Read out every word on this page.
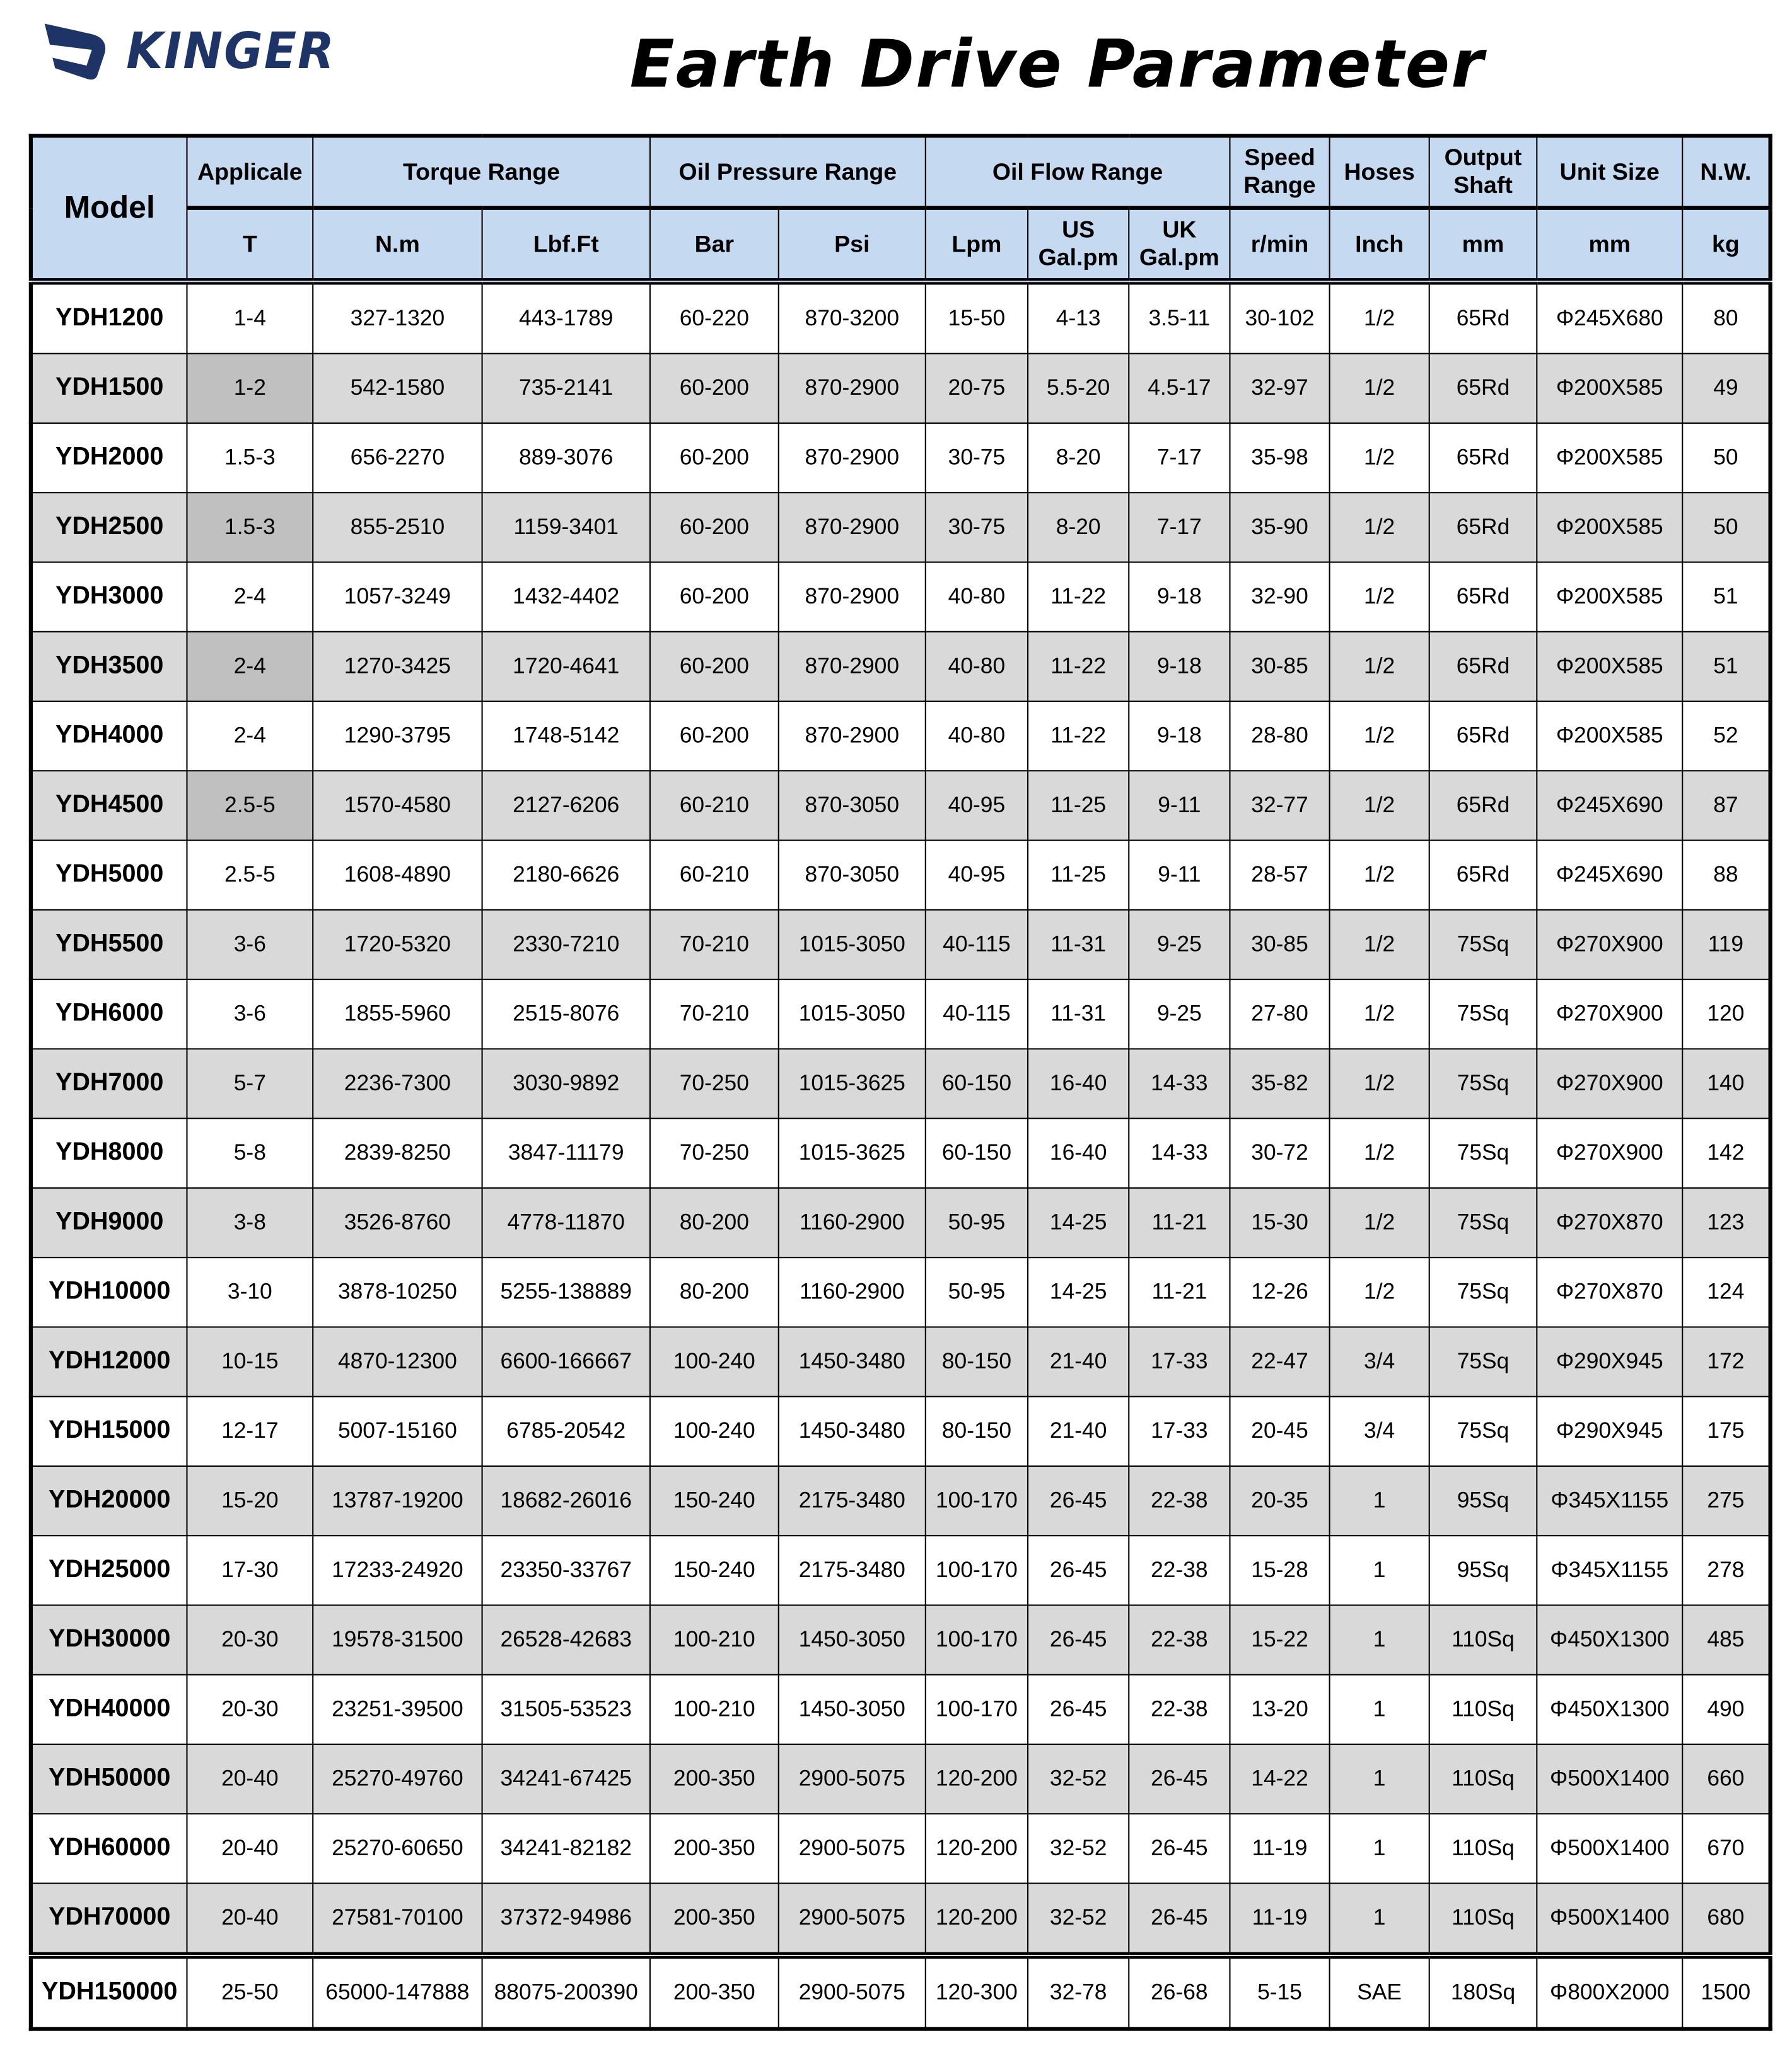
KINGER	Earth Drive Parameter
Model	Applicale	Torque Range		Oil Pressure Range		Oil Flow Range			Speed Range	Hoses	Output Shaft	Unit Size	N.W.
	T	N.m	Lbf.Ft	Bar	Psi	Lpm	US Gal.pm	UK Gal.pm	r/min	Inch	mm	mm	kg
YDH1200	1-4	327-1320	443-1789	60-220	870-3200	15-50	4-13	3.5-11	30-102	1/2	65Rd	Φ245X680	80
YDH1500	1-2	542-1580	735-2141	60-200	870-2900	20-75	5.5-20	4.5-17	32-97	1/2	65Rd	Φ200X585	49
YDH2000	1.5-3	656-2270	889-3076	60-200	870-2900	30-75	8-20	7-17	35-98	1/2	65Rd	Φ200X585	50
YDH2500	1.5-3	855-2510	1159-3401	60-200	870-2900	30-75	8-20	7-17	35-90	1/2	65Rd	Φ200X585	50
YDH3000	2-4	1057-3249	1432-4402	60-200	870-2900	40-80	11-22	9-18	32-90	1/2	65Rd	Φ200X585	51
YDH3500	2-4	1270-3425	1720-4641	60-200	870-2900	40-80	11-22	9-18	30-85	1/2	65Rd	Φ200X585	51
YDH4000	2-4	1290-3795	1748-5142	60-200	870-2900	40-80	11-22	9-18	28-80	1/2	65Rd	Φ200X585	52
YDH4500	2.5-5	1570-4580	2127-6206	60-210	870-3050	40-95	11-25	9-11	32-77	1/2	65Rd	Φ245X690	87
YDH5000	2.5-5	1608-4890	2180-6626	60-210	870-3050	40-95	11-25	9-11	28-57	1/2	65Rd	Φ245X690	88
YDH5500	3-6	1720-5320	2330-7210	70-210	1015-3050	40-115	11-31	9-25	30-85	1/2	75Sq	Φ270X900	119
YDH6000	3-6	1855-5960	2515-8076	70-210	1015-3050	40-115	11-31	9-25	27-80	1/2	75Sq	Φ270X900	120
YDH7000	5-7	2236-7300	3030-9892	70-250	1015-3625	60-150	16-40	14-33	35-82	1/2	75Sq	Φ270X900	140
YDH8000	5-8	2839-8250	3847-11179	70-250	1015-3625	60-150	16-40	14-33	30-72	1/2	75Sq	Φ270X900	142
YDH9000	3-8	3526-8760	4778-11870	80-200	1160-2900	50-95	14-25	11-21	15-30	1/2	75Sq	Φ270X870	123
YDH10000	3-10	3878-10250	5255-138889	80-200	1160-2900	50-95	14-25	11-21	12-26	1/2	75Sq	Φ270X870	124
YDH12000	10-15	4870-12300	6600-166667	100-240	1450-3480	80-150	21-40	17-33	22-47	3/4	75Sq	Φ290X945	172
YDH15000	12-17	5007-15160	6785-20542	100-240	1450-3480	80-150	21-40	17-33	20-45	3/4	75Sq	Φ290X945	175
YDH20000	15-20	13787-19200	18682-26016	150-240	2175-3480	100-170	26-45	22-38	20-35	1	95Sq	Φ345X1155	275
YDH25000	17-30	17233-24920	23350-33767	150-240	2175-3480	100-170	26-45	22-38	15-28	1	95Sq	Φ345X1155	278
YDH30000	20-30	19578-31500	26528-42683	100-210	1450-3050	100-170	26-45	22-38	15-22	1	110Sq	Φ450X1300	485
YDH40000	20-30	23251-39500	31505-53523	100-210	1450-3050	100-170	26-45	22-38	13-20	1	110Sq	Φ450X1300	490
YDH50000	20-40	25270-49760	34241-67425	200-350	2900-5075	120-200	32-52	26-45	14-22	1	110Sq	Φ500X1400	660
YDH60000	20-40	25270-60650	34241-82182	200-350	2900-5075	120-200	32-52	26-45	11-19	1	110Sq	Φ500X1400	670
YDH70000	20-40	27581-70100	37372-94986	200-350	2900-5075	120-200	32-52	26-45	11-19	1	110Sq	Φ500X1400	680
YDH150000	25-50	65000-147888	88075-200390	200-350	2900-5075	120-300	32-78	26-68	5-15	SAE	180Sq	Φ800X2000	1500
